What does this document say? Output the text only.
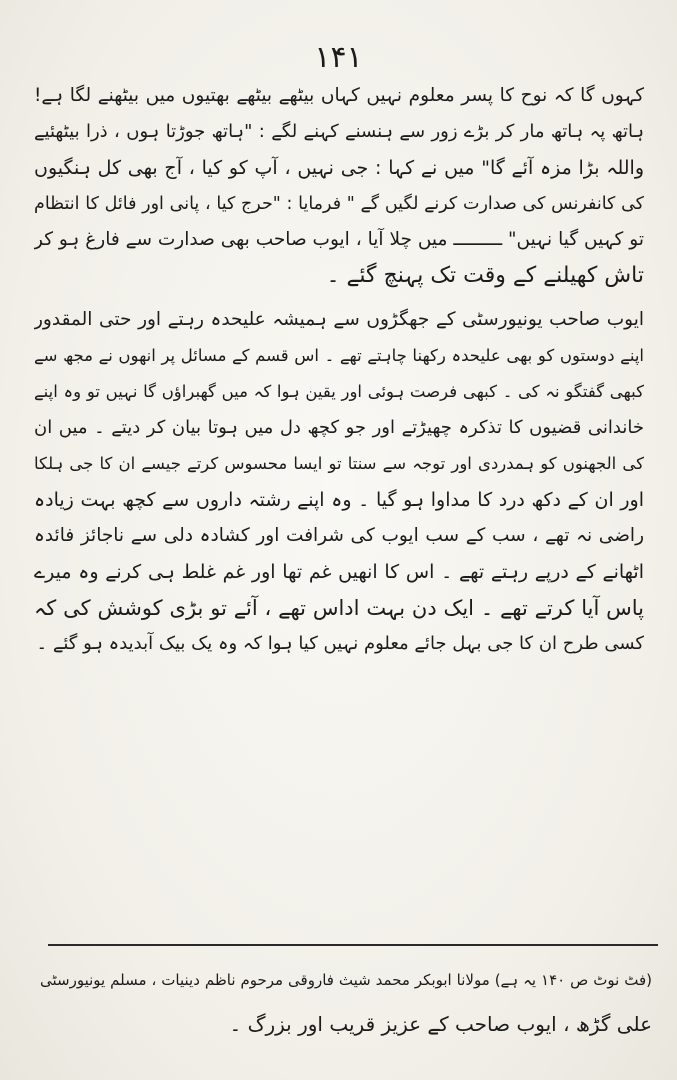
۱۴۱
کہوں گا کہ نوح کا پسر معلوم نہیں کہاں بیٹھے بیٹھے بھتیوں میں بیٹھنے لگا ہے!
ہاتھ پہ ہاتھ مار کر بڑے زور سے ہنسنے کہنے لگے : "ہاتھ جوڑتا ہوں ، ذرا بیٹھئیے
واللہ بڑا مزہ آئے گا" میں نے کہا : جی نہیں ، آپ کو کیا ، آج بھی کل ہنگیوں
کی کانفرنس کی صدارت کرنے لگیں گے " فرمایا : "حرج کیا ، پانی اور فائل کا انتظام
تو کہیں گیا نہیں" ـــــــــ میں چلا آیا ، ایوب صاحب بھی صدارت سے فارغ ہو کر
تاش کھیلنے کے وقت تک پہنچ گئے ۔
ایوب صاحب یونیورسٹی کے جھگڑوں سے ہمیشہ علیحدہ رہتے اور حتی المقدور
اپنے دوستوں کو بھی علیحدہ رکھنا چاہتے تھے ۔ اس قسم کے مسائل پر انھوں نے مجھ سے
کبھی گفتگو نہ کی ۔ کبھی فرصت ہوئی اور یقین ہوا کہ میں گھبراؤں گا نہیں تو وہ اپنے
خاندانی قضیوں کا تذکرہ چھیڑتے اور جو کچھ دل میں ہوتا بیان کر دیتے ۔ میں ان
کی الجھنوں کو ہمدردی اور توجہ سے سنتا تو ایسا محسوس کرتے جیسے ان کا جی ہلکا
اور ان کے دکھ درد کا مداوا ہو گیا ۔ وہ اپنے رشتہ داروں سے کچھ بہت زیادہ
راضی نہ تھے ، سب کے سب ایوب کی شرافت اور کشادہ دلی سے ناجائز فائدہ
اٹھانے کے درپے رہتے تھے ۔ اس کا انھیں غم تھا اور غم غلط ہی کرنے وہ میرے
پاس آیا کرتے تھے ۔ ایک دن بہت اداس تھے ، آئے تو بڑی کوشش کی کہ
کسی طرح ان کا جی بہل جائے معلوم نہیں کیا ہوا کہ وہ یک بیک آبدیدہ ہو گئے ۔
(فٹ نوٹ ص ۱۴۰ یہ ہے) مولانا ابوبکر محمد شیث فاروقی مرحوم ناظم دینیات ، مسلم یونیورسٹی
علی گڑھ ، ایوب صاحب کے عزیز قریب اور بزرگ ۔
